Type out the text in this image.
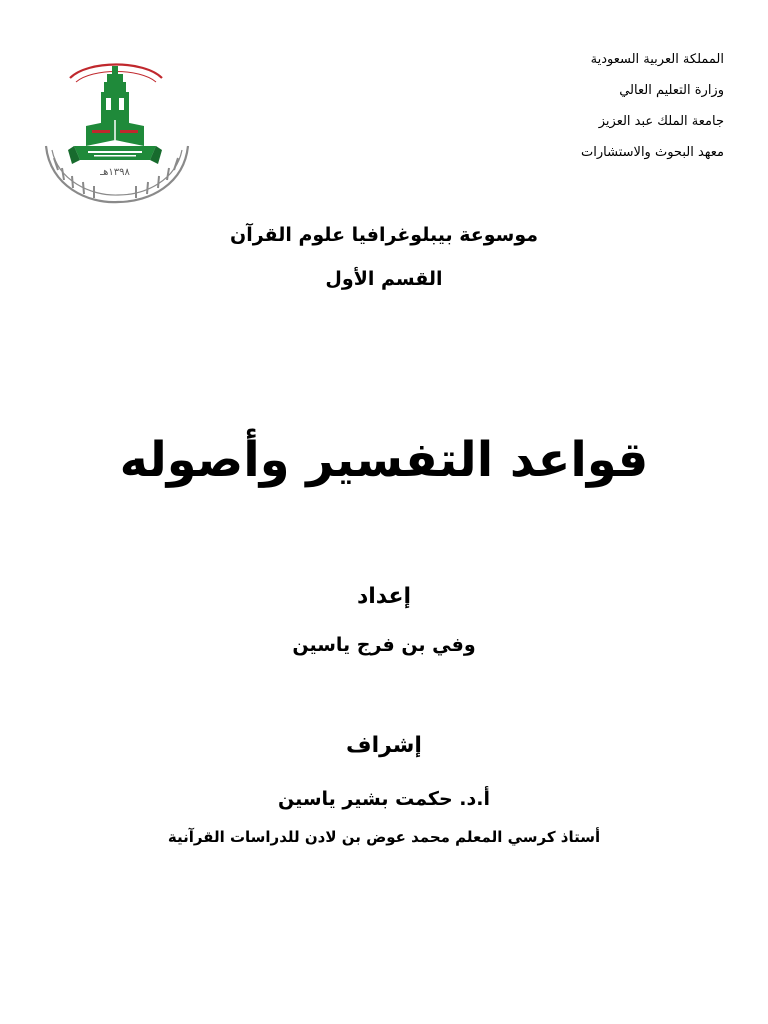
المملكة العربية السعودية
وزارة التعليم العالي
جامعة الملك عبد العزيز
معهد البحوث والاستشارات
١٣٩٨هـ
موسوعة بيبلوغرافيا علوم القرآن
القسم الأول
قواعد التفسير وأصوله
إعداد
وفي بن فرج ياسين
إشراف
أ.د. حكمت بشير ياسين
أستاذ كرسي المعلم محمد عوض بن لادن للدراسات القرآنية
